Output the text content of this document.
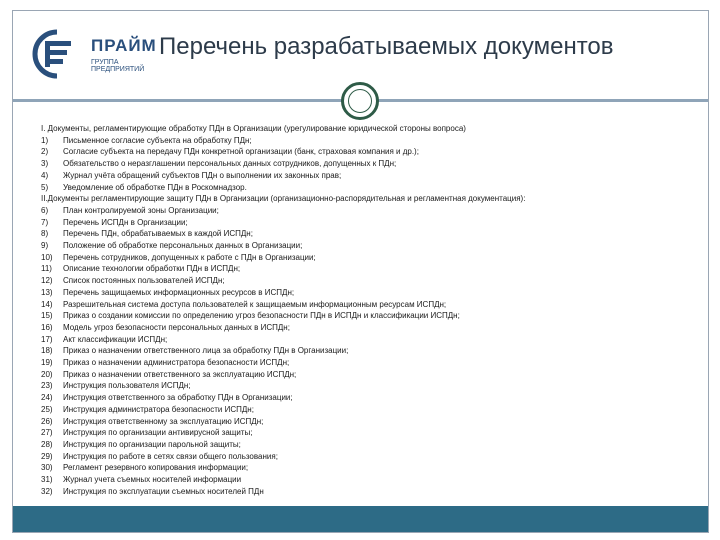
ПРАЙМ
ГРУППА ПРЕДПРИЯТИЙ
Перечень разрабатываемых документов
I. Документы, регламентирующие обработку ПДн в Организации (урегулирование юридической стороны вопроса)
1) Письменное согласие субъекта на обработку ПДн;
2) Согласие субъекта на передачу ПДн конкретной организации (банк, страховая компания и др.);
3) Обязательство о неразглашении персональных данных сотрудников, допущенных к ПДн;
4) Журнал учёта обращений субъектов ПДн о выполнении их законных прав;
5) Уведомление об обработке ПДн в Роскомнадзор.
II.Документы регламентирующие защиту ПДн в Организации (организационно-распорядительная и регламентная документация):
6) План контролируемой зоны Организации;
7) Перечень ИСПДн в Организации;
8) Перечень ПДн, обрабатываемых в каждой ИСПДн;
9) Положение об обработке персональных данных в Организации;
10) Перечень сотрудников, допущенных к работе с ПДн в Организации;
11) Описание технологии обработки ПДн в ИСПДн;
12) Список постоянных пользователей ИСПДн;
13) Перечень защищаемых информационных ресурсов в ИСПДн;
14) Разрешительная система доступа пользователей к защищаемым информационным ресурсам ИСПДн;
15) Приказ о создании комиссии по определению угроз безопасности ПДн в ИСПДн и классификации ИСПДн;
16) Модель угроз безопасности персональных данных в ИСПДн;
17) Акт классификации ИСПДн;
18) Приказ о назначении ответственного лица за обработку ПДн в Организации;
19) Приказ о назначении администратора безопасности ИСПДн;
20) Приказ о назначении ответственного за эксплуатацию ИСПДн;
23) Инструкция пользователя ИСПДн;
24) Инструкция ответственного за обработку ПДн в Организации;
25) Инструкция администратора безопасности ИСПДн;
26) Инструкция ответственному за эксплуатацию ИСПДн;
27) Инструкция по организации антивирусной защиты;
28) Инструкция по организации парольной защиты;
29) Инструкция по работе в сетях связи общего пользования;
30) Регламент резервного копирования информации;
31) Журнал учета съемных носителей информации
32) Инструкция по эксплуатации съемных носителей ПДн
